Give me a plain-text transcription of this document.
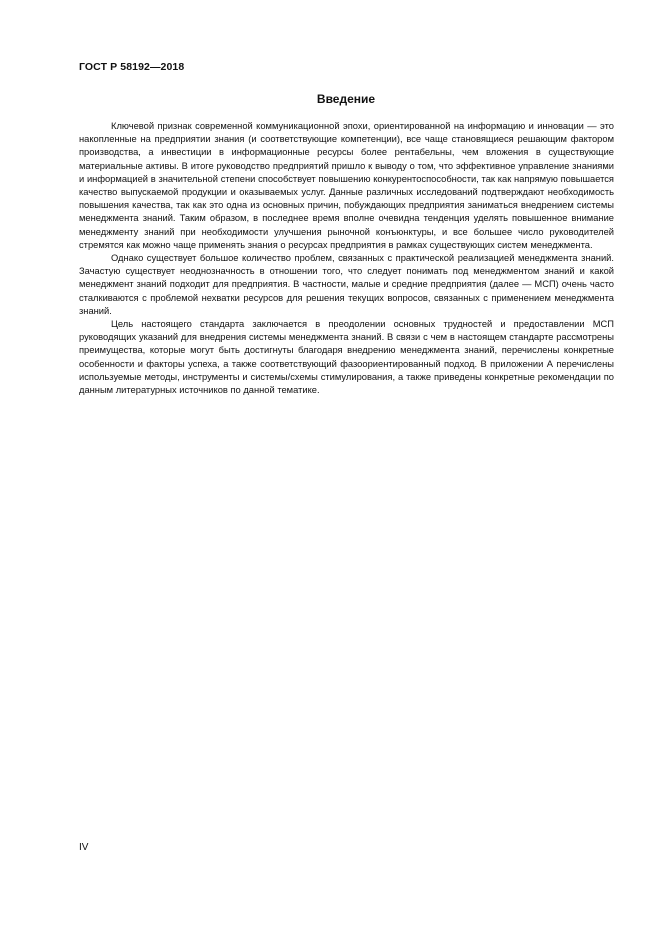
ГОСТ Р 58192—2018
Введение

Ключевой признак современной коммуникационной эпохи, ориентированной на информацию и инновации — это накопленные на предприятии знания (и соответствующие компетенции), все чаще становящиеся решающим фактором производства, а инвестиции в информационные ресурсы более рентабельны, чем вложения в существующие материальные активы. В итоге руководство предприятий пришло к выводу о том, что эффективное управление знаниями и информацией в значительной степени способствует повышению конкурентоспособности, так как напрямую повышается качество выпускаемой продукции и оказываемых услуг. Данные различных исследований подтверждают необходимость повышения качества, так как это одна из основных причин, побуждающих предприятия заниматься внедрением системы менеджмента знаний. Таким образом, в последнее время вполне очевидна тенденция уделять повышенное внимание менеджменту знаний при необходимости улучшения рыночной конъюнктуры, и все большее число руководителей стремятся как можно чаще применять знания о ресурсах предприятия в рамках существующих систем менеджмента.

Однако существует большое количество проблем, связанных с практической реализацией менеджмента знаний. Зачастую существует неоднозначность в отношении того, что следует понимать под менеджментом знаний и какой менеджмент знаний подходит для предприятия. В частности, малые и средние предприятия (далее — МСП) очень часто сталкиваются с проблемой нехватки ресурсов для решения текущих вопросов, связанных с применением менеджмента знаний.

Цель настоящего стандарта заключается в преодолении основных трудностей и предоставлении МСП руководящих указаний для внедрения системы менеджмента знаний. В связи с чем в настоящем стандарте рассмотрены преимущества, которые могут быть достигнуты благодаря внедрению менеджмента знаний, перечислены конкретные особенности и факторы успеха, а также соответствующий фазоориентированный подход. В приложении А перечислены используемые методы, инструменты и системы/схемы стимулирования, а также приведены конкретные рекомендации по данным литературных источников по данной тематике.

IV
